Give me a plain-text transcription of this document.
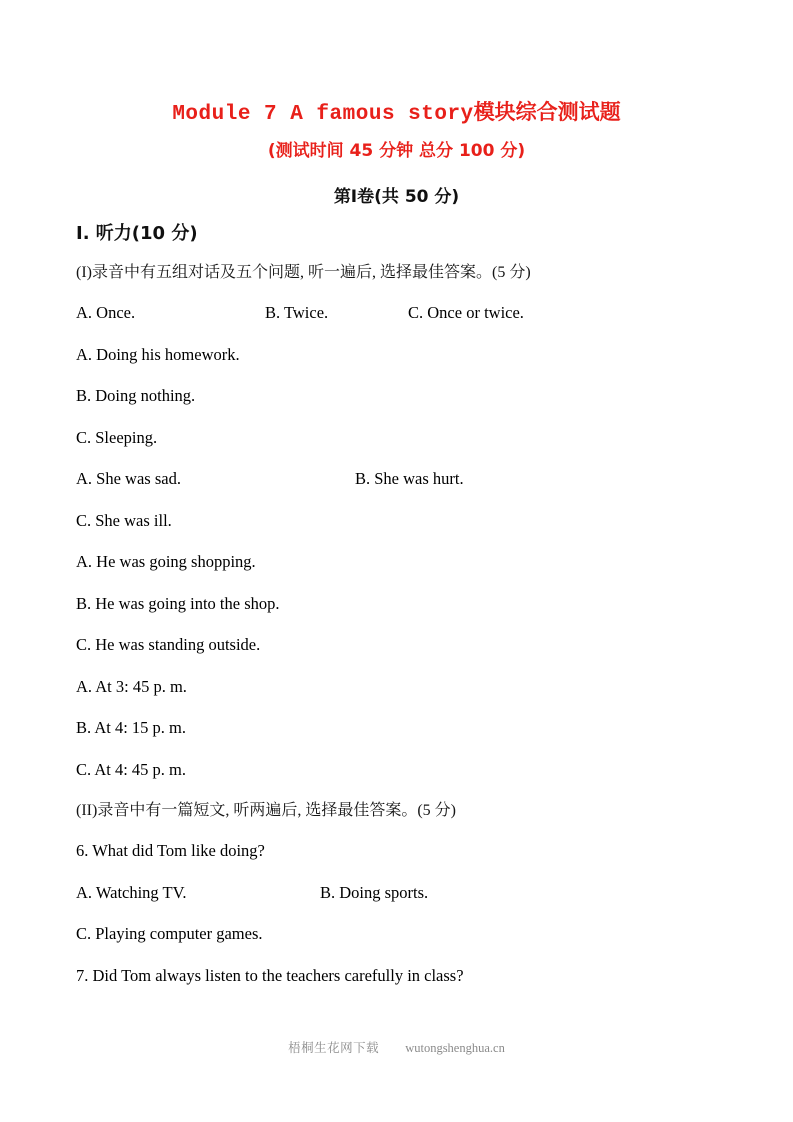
Module 7 A famous story模块综合测试题
(测试时间 45 分钟 总分 100 分)
第Ⅰ卷(共 50 分)
Ⅰ. 听力(10 分)
(I)录音中有五组对话及五个问题, 听一遍后, 选择最佳答案。(5 分)
A. Once.	B. Twice.	C. Once or twice.
A. Doing his homework.
B. Doing nothing.
C. Sleeping.
A. She was sad.	B. She was hurt.
C. She was ill.
A. He was going shopping.
B. He was going into the shop.
C. He was standing outside.
A. At 3: 45 p. m.
B. At 4: 15 p. m.
C. At 4: 45 p. m.
(II)录音中有一篇短文, 听两遍后, 选择最佳答案。(5 分)
6. What did Tom like doing?
A. Watching TV.	B. Doing sports.
C. Playing computer games.
7. Did Tom always listen to the teachers carefully in class?
梧桐生花网下载 wutongshenghua.cn
